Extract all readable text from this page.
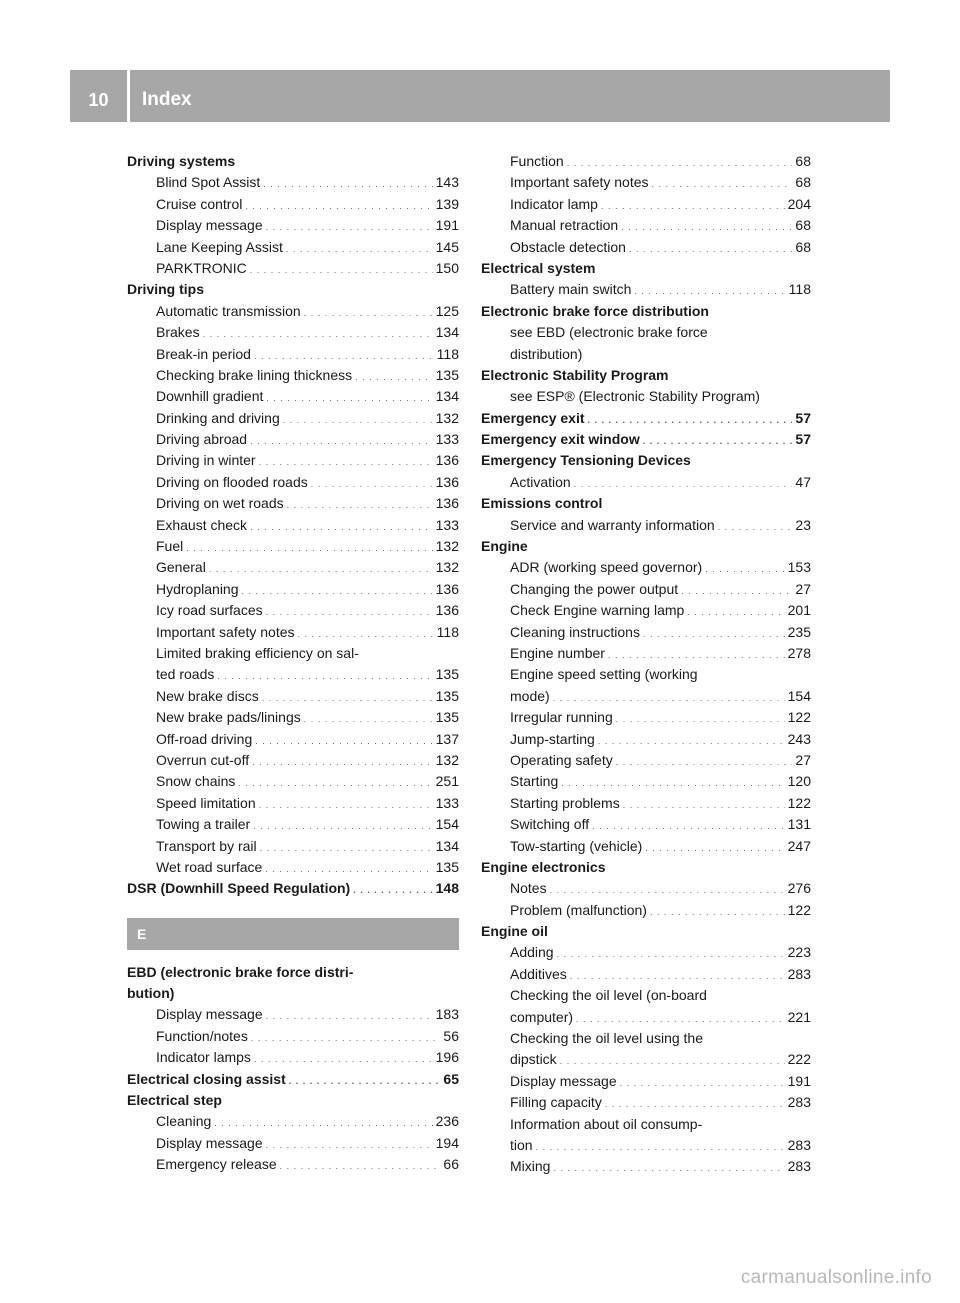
10	Index
Driving systems
Blind Spot Assist . . .	143
Cruise control . . .	139
Display message . . .	191
Lane Keeping Assist . . .	145
PARKTRONIC . . .	150
Driving tips
Automatic transmission . . .	125
Brakes . . .	134
Break-in period . . .	118
Checking brake lining thickness . . .	135
Downhill gradient . . .	134
Drinking and driving . . .	132
Driving abroad . . .	133
Driving in winter . . .	136
Driving on flooded roads . . .	136
Driving on wet roads . . .	136
Exhaust check . . .	133
Fuel . . .	132
General . . .	132
Hydroplaning . . .	136
Icy road surfaces . . .	136
Important safety notes . . .	118
Limited braking efficiency on sal-
ted roads . . .	135
New brake discs . . .	135
New brake pads/linings . . .	135
Off-road driving . . .	137
Overrun cut-off . . .	132
Snow chains . . .	251
Speed limitation . . .	133
Towing a trailer . . .	154
Transport by rail . . .	134
Wet road surface . . .	135
DSR (Downhill Speed Regulation) . . .	148
E
EBD (electronic brake force distri-
bution)
Display message . . .	183
Function/notes . . .	56
Indicator lamps . . .	196
Electrical closing assist . . .	65
Electrical step
Cleaning . . .	236
Display message . . .	194
Emergency release . . .	66
Function . . .	68
Important safety notes . . .	68
Indicator lamp . . .	204
Manual retraction . . .	68
Obstacle detection . . .	68
Electrical system
Battery main switch . . .	118
Electronic brake force distribution
see EBD (electronic brake force
distribution)
Electronic Stability Program
see ESP® (Electronic Stability Program)
Emergency exit . . .	57
Emergency exit window . . .	57
Emergency Tensioning Devices
Activation . . .	47
Emissions control
Service and warranty information . . .	23
Engine
ADR (working speed governor) . . .	153
Changing the power output . . .	27
Check Engine warning lamp . . .	201
Cleaning instructions . . .	235
Engine number . . .	278
Engine speed setting (working
mode) . . .	154
Irregular running . . .	122
Jump-starting . . .	243
Operating safety . . .	27
Starting . . .	120
Starting problems . . .	122
Switching off . . .	131
Tow-starting (vehicle) . . .	247
Engine electronics
Notes . . .	276
Problem (malfunction) . . .	122
Engine oil
Adding . . .	223
Additives . . .	283
Checking the oil level (on-board
computer) . . .	221
Checking the oil level using the
dipstick . . .	222
Display message . . .	191
Filling capacity . . .	283
Information about oil consump-
tion . . .	283
Mixing . . .	283
carmanualsonline.info
